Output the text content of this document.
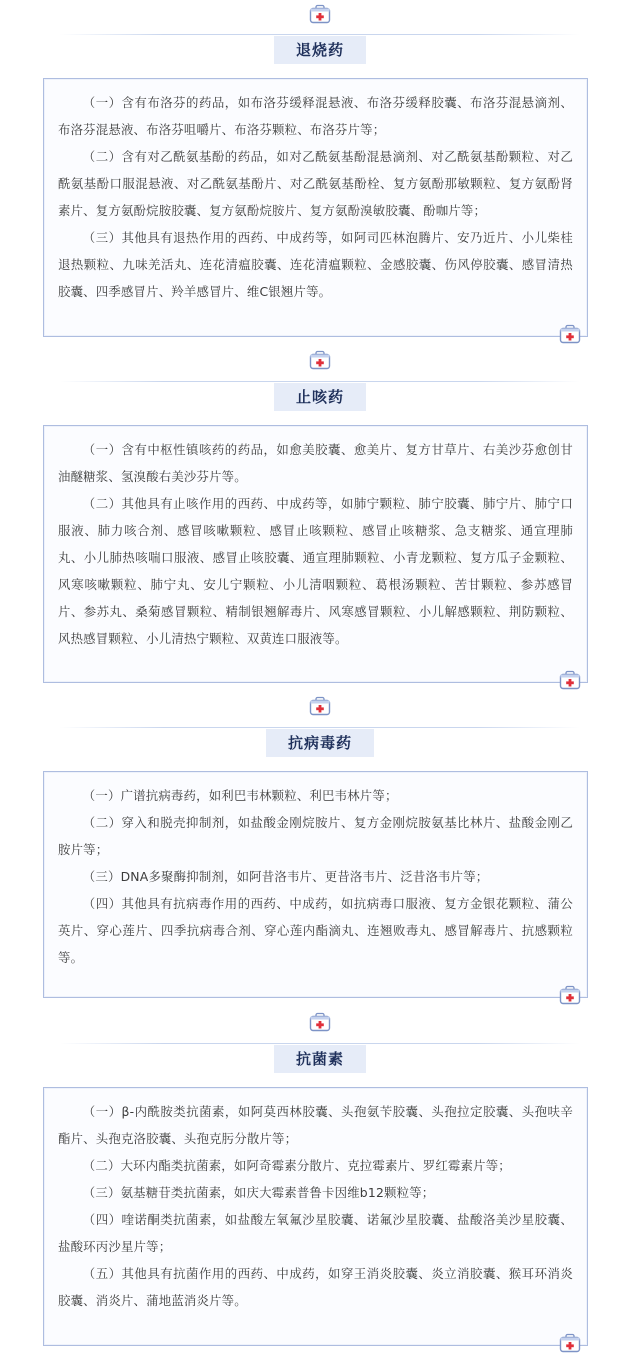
退烧药

（一）含有布洛芬的药品，如布洛芬缓释混悬液、布洛芬缓释胶囊、布洛芬混悬滴剂、布洛芬混悬液、布洛芬咀嚼片、布洛芬颗粒、布洛芬片等；

（二）含有对乙酰氨基酚的药品，如对乙酰氨基酚混悬滴剂、对乙酰氨基酚颗粒、对乙酰氨基酚口服混悬液、对乙酰氨基酚片、对乙酰氨基酚栓、复方氨酚那敏颗粒、复方氨酚肾素片、复方氨酚烷胺胶囊、复方氨酚烷胺片、复方氨酚溴敏胶囊、酚咖片等；

（三）其他具有退热作用的西药、中成药等，如阿司匹林泡腾片、安乃近片、小儿柴桂退热颗粒、九味羌活丸、连花清瘟胶囊、连花清瘟颗粒、金感胶囊、伤风停胶囊、感冒清热胶囊、四季感冒片、羚羊感冒片、维C银翘片等。

止咳药

（一）含有中枢性镇咳药的药品，如愈美胶囊、愈美片、复方甘草片、右美沙芬愈创甘油醚糖浆、氢溴酸右美沙芬片等。

（二）其他具有止咳作用的西药、中成药等，如肺宁颗粒、肺宁胶囊、肺宁片、肺宁口服液、肺力咳合剂、感冒咳嗽颗粒、感冒止咳颗粒、感冒止咳糖浆、急支糖浆、通宣理肺丸、小儿肺热咳喘口服液、感冒止咳胶囊、通宣理肺颗粒、小青龙颗粒、复方瓜子金颗粒、风寒咳嗽颗粒、肺宁丸、安儿宁颗粒、小儿清咽颗粒、葛根汤颗粒、苦甘颗粒、参苏感冒片、参苏丸、桑菊感冒颗粒、精制银翘解毒片、风寒感冒颗粒、小儿解感颗粒、荆防颗粒、风热感冒颗粒、小儿清热宁颗粒、双黄连口服液等。

抗病毒药

（一）广谱抗病毒药，如利巴韦林颗粒、利巴韦林片等；

（二）穿入和脱壳抑制剂，如盐酸金刚烷胺片、复方金刚烷胺氨基比林片、盐酸金刚乙胺片等；

（三）DNA多聚酶抑制剂，如阿昔洛韦片、更昔洛韦片、泛昔洛韦片等；

（四）其他具有抗病毒作用的西药、中成药，如抗病毒口服液、复方金银花颗粒、蒲公英片、穿心莲片、四季抗病毒合剂、穿心莲内酯滴丸、连翘败毒丸、感冒解毒片、抗感颗粒等。

抗菌素

（一）β-内酰胺类抗菌素，如阿莫西林胶囊、头孢氨苄胶囊、头孢拉定胶囊、头孢呋辛酯片、头孢克洛胶囊、头孢克肟分散片等；

（二）大环内酯类抗菌素，如阿奇霉素分散片、克拉霉素片、罗红霉素片等；

（三）氨基糖苷类抗菌素，如庆大霉素普鲁卡因维b12颗粒等；

（四）喹诺酮类抗菌素，如盐酸左氧氟沙星胶囊、诺氟沙星胶囊、盐酸洛美沙星胶囊、盐酸环丙沙星片等；

（五）其他具有抗菌作用的西药、中成药，如穿王消炎胶囊、炎立消胶囊、猴耳环消炎胶囊、消炎片、蒲地蓝消炎片等。
